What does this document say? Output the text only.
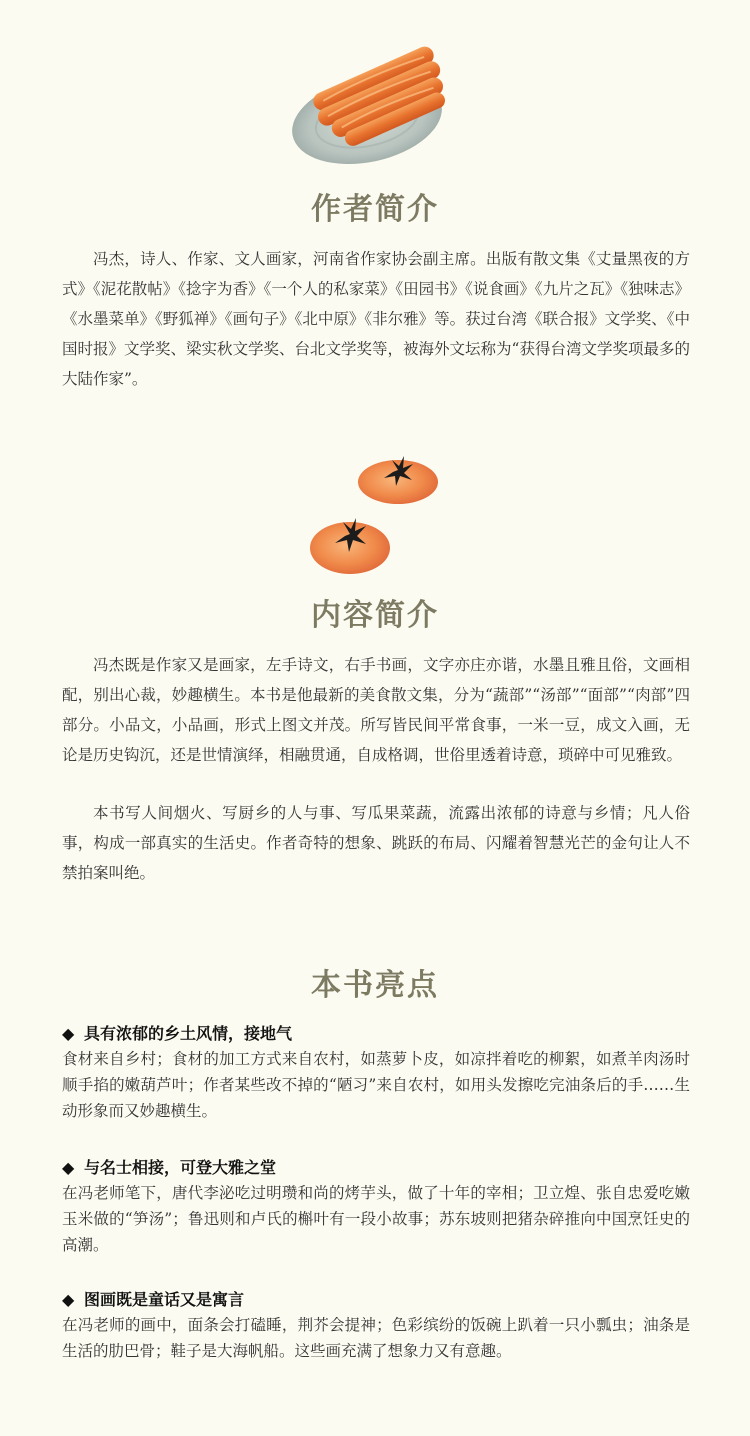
作者简介
冯杰，诗人、作家、文人画家，河南省作家协会副主席。出版有散文集《丈量黑夜的方式》《泥花散帖》《捻字为香》《一个人的私家菜》《田园书》《说食画》《九片之瓦》《独味志》《水墨菜单》《野狐禅》《画句子》《北中原》《非尔雅》等。获过台湾《联合报》文学奖、《中国时报》文学奖、梁实秋文学奖、台北文学奖等，被海外文坛称为“获得台湾文学奖项最多的大陆作家”。
内容简介
冯杰既是作家又是画家，左手诗文，右手书画，文字亦庄亦谐，水墨且雅且俗，文画相配，别出心裁，妙趣横生。本书是他最新的美食散文集，分为“蔬部”“汤部”“面部”“肉部”四部分。小品文，小品画，形式上图文并茂。所写皆民间平常食事，一米一豆，成文入画，无论是历史钩沉，还是世情演绎，相融贯通，自成格调，世俗里透着诗意，琐碎中可见雅致。
本书写人间烟火、写厨乡的人与事、写瓜果菜蔬，流露出浓郁的诗意与乡情；凡人俗事，构成一部真实的生活史。作者奇特的想象、跳跃的布局、闪耀着智慧光芒的金句让人不禁拍案叫绝。
本书亮点
◆ 具有浓郁的乡土风情，接地气
食材来自乡村；食材的加工方式来自农村，如蒸萝卜皮，如凉拌着吃的柳絮，如煮羊肉汤时顺手掐的嫩葫芦叶；作者某些改不掉的“陋习”来自农村，如用头发擦吃完油条后的手……生动形象而又妙趣横生。
◆ 与名士相接，可登大雅之堂
在冯老师笔下，唐代李泌吃过明瓒和尚的烤芋头，做了十年的宰相；卫立煌、张自忠爱吃嫩玉米做的“笋汤”；鲁迅则和卢氏的槲叶有一段小故事；苏东坡则把猪杂碎推向中国烹饪史的高潮。
◆ 图画既是童话又是寓言
在冯老师的画中，面条会打磕睡，荆芥会提神；色彩缤纷的饭碗上趴着一只小瓢虫；油条是生活的肋巴骨；鞋子是大海帆船。这些画充满了想象力又有意趣。
